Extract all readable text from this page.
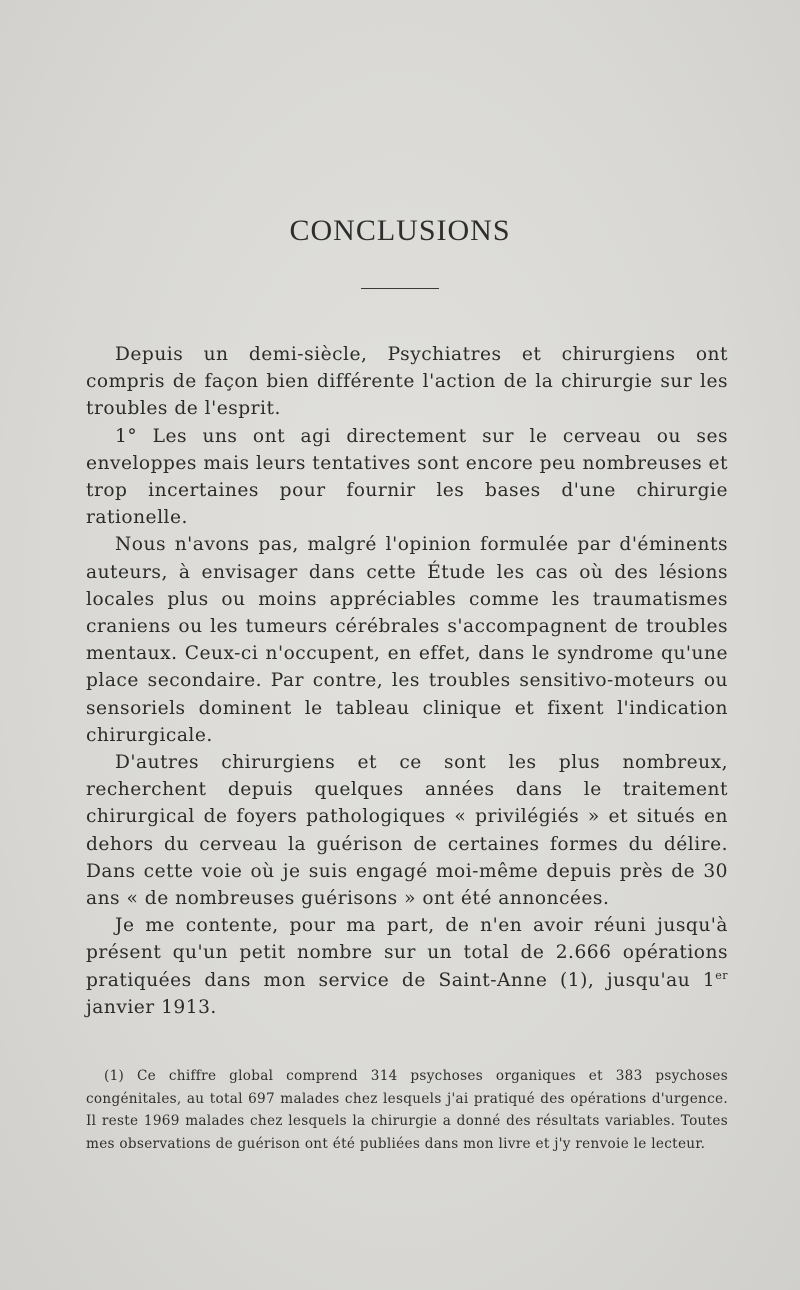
CONCLUSIONS

Depuis un demi-siècle, Psychiatres et chirurgiens ont compris de façon bien différente l'action de la chirurgie sur les troubles de l'esprit.

1° Les uns ont agi directement sur le cerveau ou ses enveloppes mais leurs tentatives sont encore peu nombreuses et trop incertaines pour fournir les bases d'une chirurgie rationelle.

Nous n'avons pas, malgré l'opinion formulée par d'éminents auteurs, à envisager dans cette Étude les cas où des lésions locales plus ou moins appréciables comme les traumatismes craniens ou les tumeurs cérébrales s'accompagnent de troubles mentaux. Ceux-ci n'occupent, en effet, dans le syndrome qu'une place secondaire. Par contre, les troubles sensitivo-moteurs ou sensoriels dominent le tableau clinique et fixent l'indication chirurgicale.

D'autres chirurgiens et ce sont les plus nombreux, recherchent depuis quelques années dans le traitement chirurgical de foyers pathologiques « privilégiés » et situés en dehors du cerveau la guérison de certaines formes du délire. Dans cette voie où je suis engagé moi-même depuis près de 30 ans « de nombreuses guérisons » ont été annoncées.

Je me contente, pour ma part, de n'en avoir réuni jusqu'à présent qu'un petit nombre sur un total de 2.666 opérations pratiquées dans mon service de Saint-Anne (1), jusqu'au 1er janvier 1913.

(1) Ce chiffre global comprend 314 psychoses organiques et 383 psychoses congénitales, au total 697 malades chez lesquels j'ai pratiqué des opérations d'urgence. Il reste 1969 malades chez lesquels la chirurgie a donné des résultats variables. Toutes mes observations de guérison ont été publiées dans mon livre et j'y renvoie le lecteur.
